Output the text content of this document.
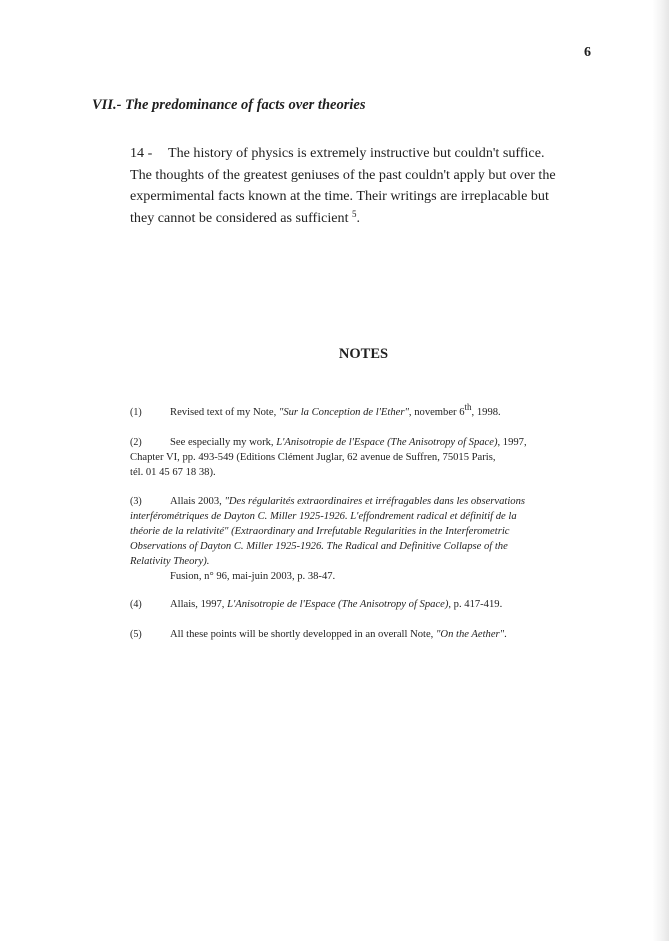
6
VII.- The predominance of facts over theories
14 - The history of physics is extremely instructive but couldn't suffice.
The thoughts of the greatest geniuses of the past couldn't apply but over the
expermimental facts known at the time. Their writings are irreplacable but
they cannot be considered as sufficient $^5$.
NOTES
(1)	Revised text of my Note, "Sur la Conception de l'Ether", november 6th, 1998.
(2)	See especially my work, L'Anisotropie de l'Espace (The Anisotropy of Space), 1997,
Chapter VI, pp. 493-549 (Editions Clément Juglar, 62 avenue de Suffren, 75015 Paris,
tél. 01 45 67 18 38).
(3)	Allais 2003, "Des régularités extraordinaires et irréfragables dans les observations
interférométriques de Dayton C. Miller 1925-1926. L'effondrement radical et définitif de la
théorie de la relativité" (Extraordinary and Irrefutable Regularities in the Interferometric
Observations of Dayton C. Miller 1925-1926. The Radical and Definitive Collapse of the
Relativity Theory).
Fusion, n° 96, mai-juin 2003, p. 38-47.
(4)	Allais, 1997, L'Anisotropie de l'Espace (The Anisotropy of Space), p. 417-419.
(5)	All these points will be shortly developped in an overall Note, "On the Aether".
